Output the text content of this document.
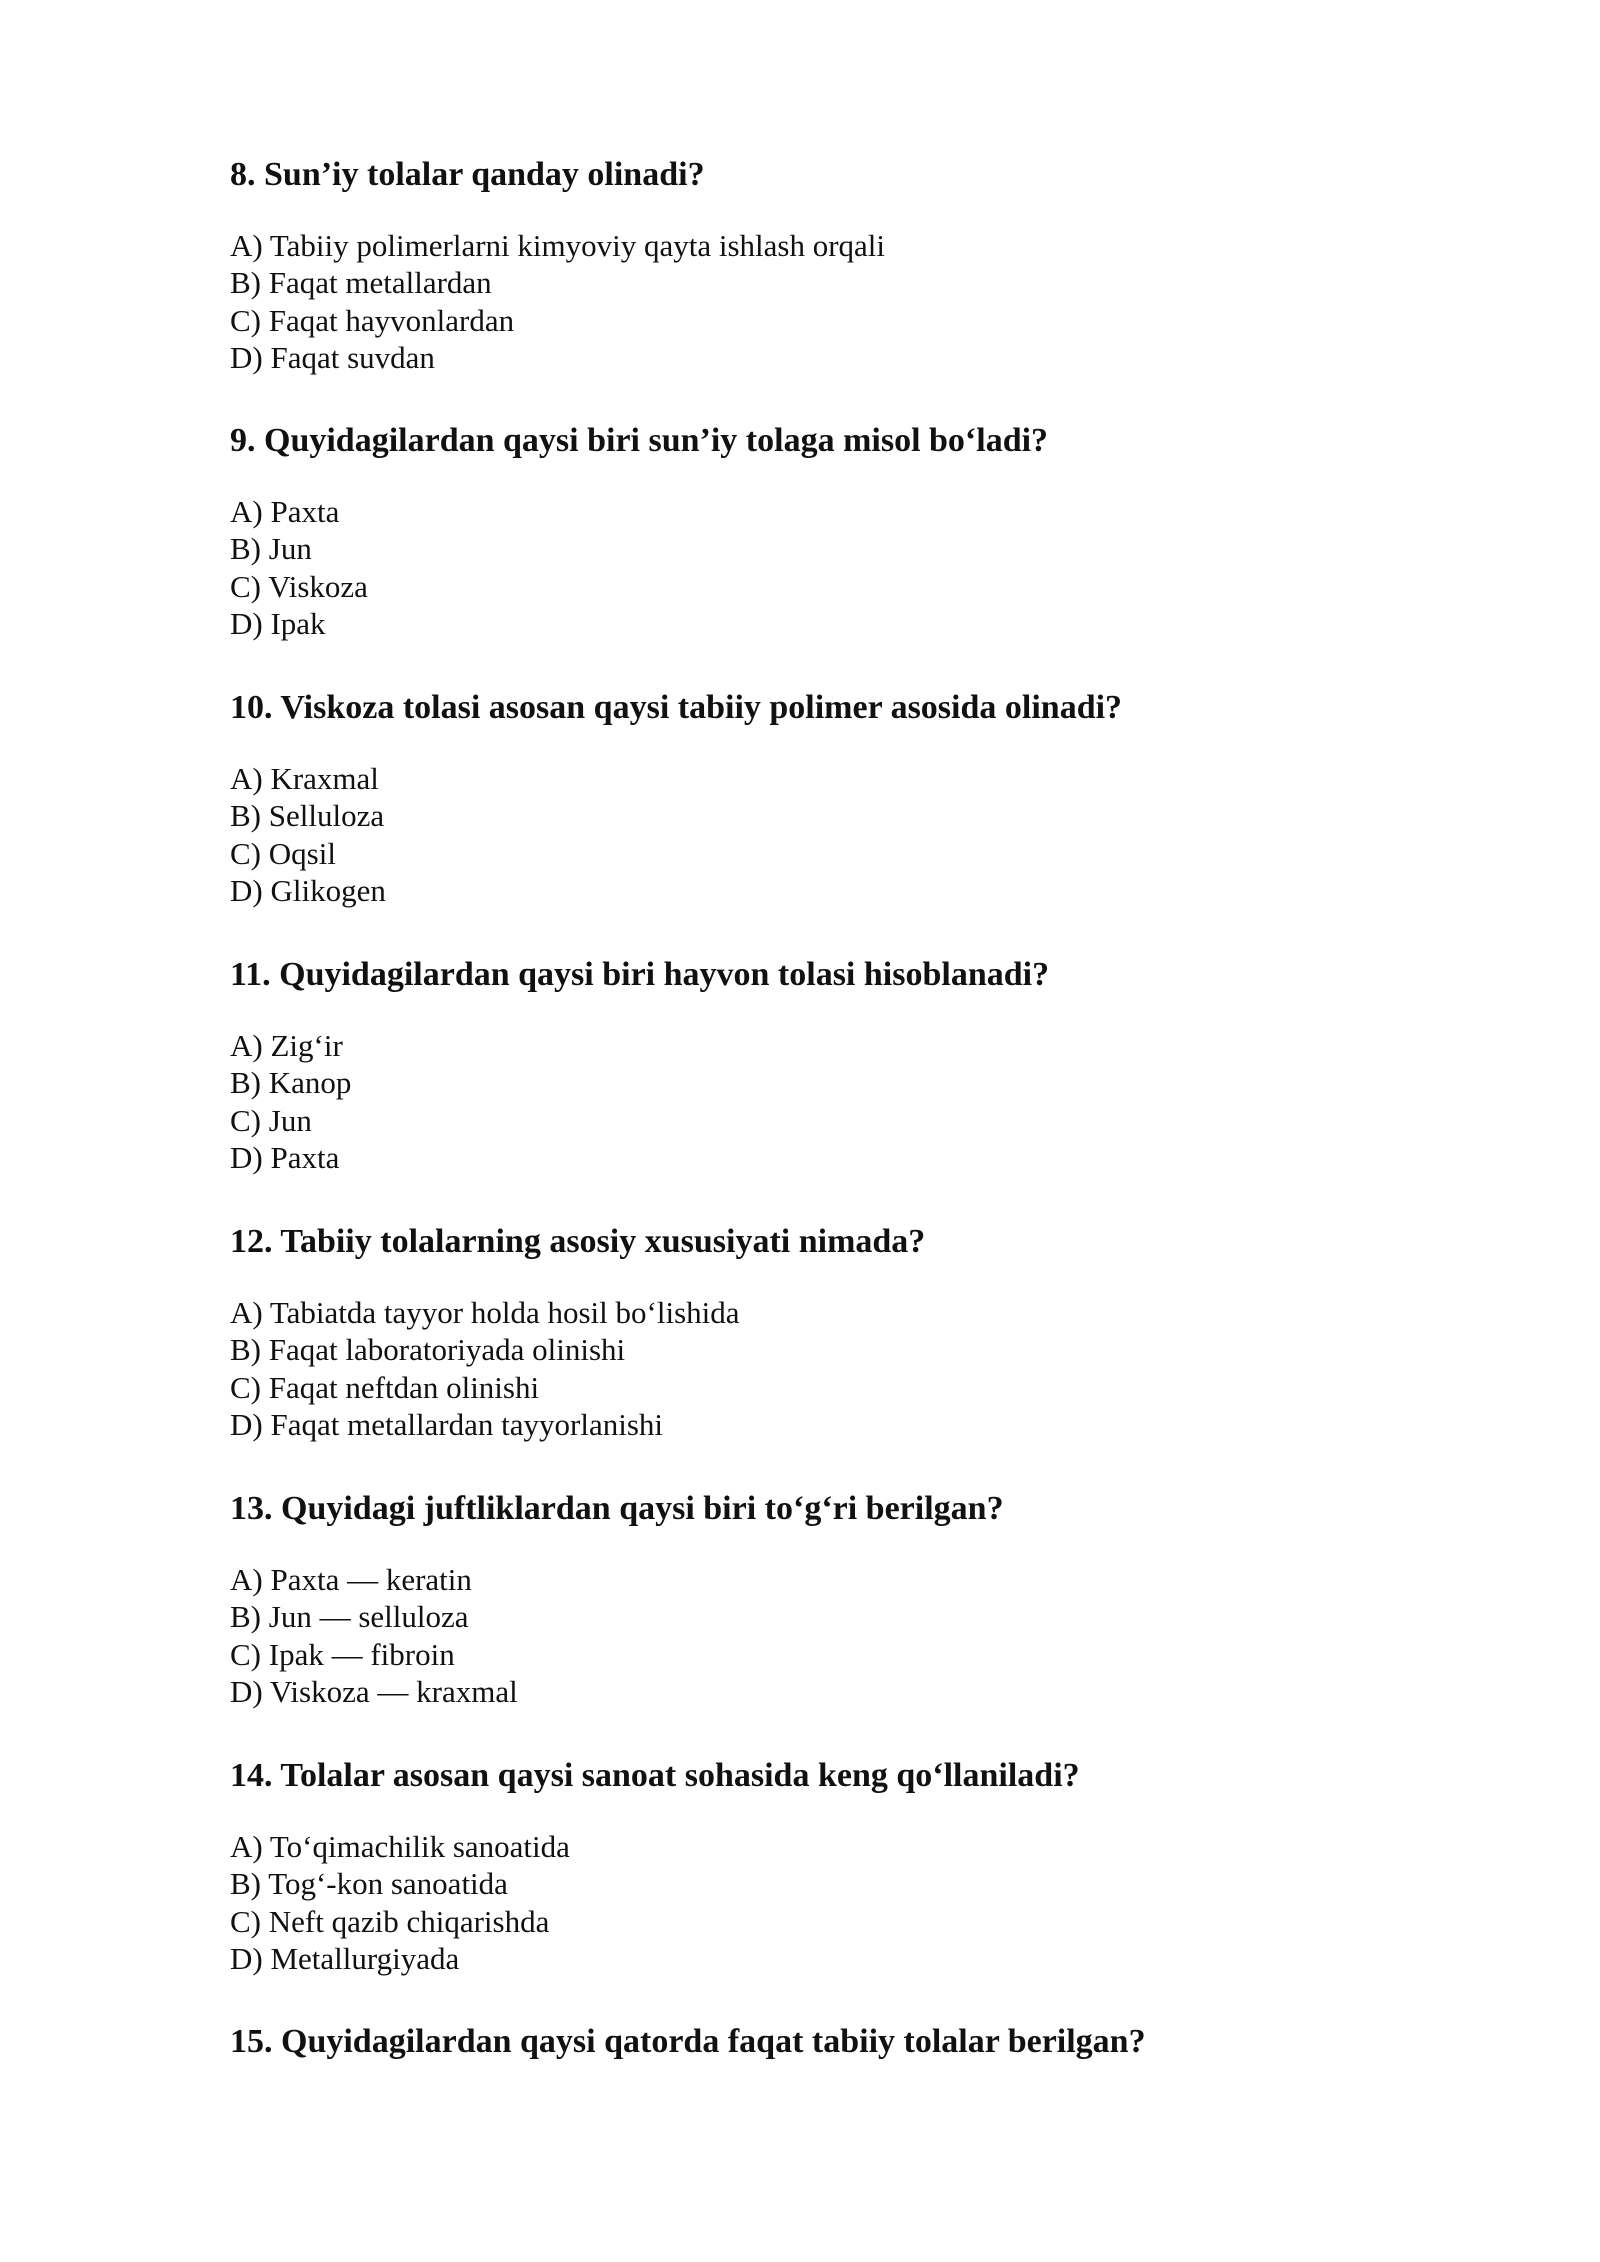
8. Sun’iy tolalar qanday olinadi?
A) Tabiiy polimerlarni kimyoviy qayta ishlash orqali
B) Faqat metallardan
C) Faqat hayvonlardan
D) Faqat suvdan
9. Quyidagilardan qaysi biri sun’iy tolaga misol bo‘ladi?
A) Paxta
B) Jun
C) Viskoza
D) Ipak
10. Viskoza tolasi asosan qaysi tabiiy polimer asosida olinadi?
A) Kraxmal
B) Selluloza
C) Oqsil
D) Glikogen
11. Quyidagilardan qaysi biri hayvon tolasi hisoblanadi?
A) Zig‘ir
B) Kanop
C) Jun
D) Paxta
12. Tabiiy tolalarning asosiy xususiyati nimada?
A) Tabiatda tayyor holda hosil bo‘lishida
B) Faqat laboratoriyada olinishi
C) Faqat neftdan olinishi
D) Faqat metallardan tayyorlanishi
13. Quyidagi juftliklardan qaysi biri to‘g‘ri berilgan?
A) Paxta — keratin
B) Jun — selluloza
C) Ipak — fibroin
D) Viskoza — kraxmal
14. Tolalar asosan qaysi sanoat sohasida keng qo‘llaniladi?
A) To‘qimachilik sanoatida
B) Tog‘-kon sanoatida
C) Neft qazib chiqarishda
D) Metallurgiyada
15. Quyidagilardan qaysi qatorda faqat tabiiy tolalar berilgan?
